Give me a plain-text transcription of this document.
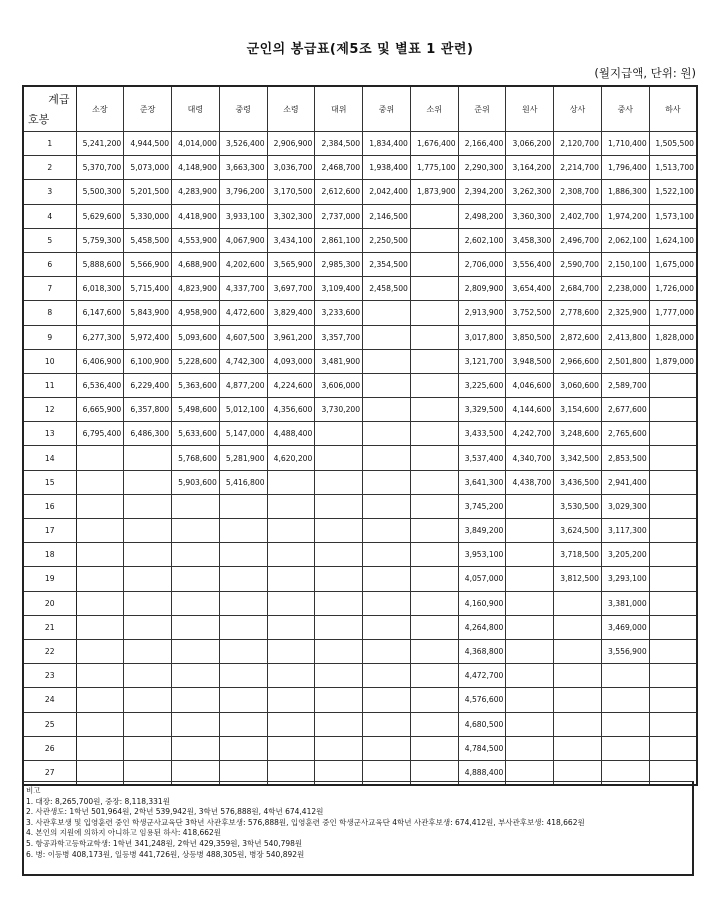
군인의 봉급표(제5조 및 별표 1 관련)
(월지급액, 단위: 원)
계급
호봉	소장	준장	대령	중령	소령	대위	중위	소위	준위	원사	상사	중사	하사
1	5,241,200	4,944,500	4,014,000	3,526,400	2,906,900	2,384,500	1,834,400	1,676,400	2,166,400	3,066,200	2,120,700	1,710,400	1,505,500
2	5,370,700	5,073,000	4,148,900	3,663,300	3,036,700	2,468,700	1,938,400	1,775,100	2,290,300	3,164,200	2,214,700	1,796,400	1,513,700
3	5,500,300	5,201,500	4,283,900	3,796,200	3,170,500	2,612,600	2,042,400	1,873,900	2,394,200	3,262,300	2,308,700	1,886,300	1,522,100
4	5,629,600	5,330,000	4,418,900	3,933,100	3,302,300	2,737,000	2,146,500		2,498,200	3,360,300	2,402,700	1,974,200	1,573,100
5	5,759,300	5,458,500	4,553,900	4,067,900	3,434,100	2,861,100	2,250,500		2,602,100	3,458,300	2,496,700	2,062,100	1,624,100
6	5,888,600	5,566,900	4,688,900	4,202,600	3,565,900	2,985,300	2,354,500		2,706,000	3,556,400	2,590,700	2,150,100	1,675,000
7	6,018,300	5,715,400	4,823,900	4,337,700	3,697,700	3,109,400	2,458,500		2,809,900	3,654,400	2,684,700	2,238,000	1,726,000
8	6,147,600	5,843,900	4,958,900	4,472,600	3,829,400	3,233,600			2,913,900	3,752,500	2,778,600	2,325,900	1,777,000
9	6,277,300	5,972,400	5,093,600	4,607,500	3,961,200	3,357,700			3,017,800	3,850,500	2,872,600	2,413,800	1,828,000
10	6,406,900	6,100,900	5,228,600	4,742,300	4,093,000	3,481,900			3,121,700	3,948,500	2,966,600	2,501,800	1,879,000
11	6,536,400	6,229,400	5,363,600	4,877,200	4,224,600	3,606,000			3,225,600	4,046,600	3,060,600	2,589,700	
12	6,665,900	6,357,800	5,498,600	5,012,100	4,356,600	3,730,200			3,329,500	4,144,600	3,154,600	2,677,600	
13	6,795,400	6,486,300	5,633,600	5,147,000	4,488,400				3,433,500	4,242,700	3,248,600	2,765,600	
14			5,768,600	5,281,900	4,620,200				3,537,400	4,340,700	3,342,500	2,853,500	
15			5,903,600	5,416,800					3,641,300	4,438,700	3,436,500	2,941,400	
16									3,745,200		3,530,500	3,029,300	
17									3,849,200		3,624,500	3,117,300	
18									3,953,100		3,718,500	3,205,200	
19									4,057,000		3,812,500	3,293,100	
20									4,160,900			3,381,000	
21									4,264,800			3,469,000	
22									4,368,800			3,556,900	
23									4,472,700				
24									4,576,600				
25									4,680,500				
26									4,784,500				
27									4,888,400				
비고
1. 대장: 8,265,700원, 중장: 8,118,331원
2. 사관생도: 1학년 501,964원, 2학년 539,942원, 3학년 576,888원, 4학년 674,412원
3. 사관후보생 및 입영훈련 중인 학생군사교육단 3학년 사관후보생: 576,888원, 입영훈련 중인 학생군사교육단 4학년 사관후보생: 674,412원, 부사관후보생: 418,662원
4. 본인의 지원에 의하지 아니하고 임용된 하사: 418,662원
5. 항공과학고등학교학생: 1학년 341,248원, 2학년 429,359원, 3학년 540,798원
6. 병: 이등병 408,173원, 일등병 441,726원, 상등병 488,305원, 병장 540,892원
